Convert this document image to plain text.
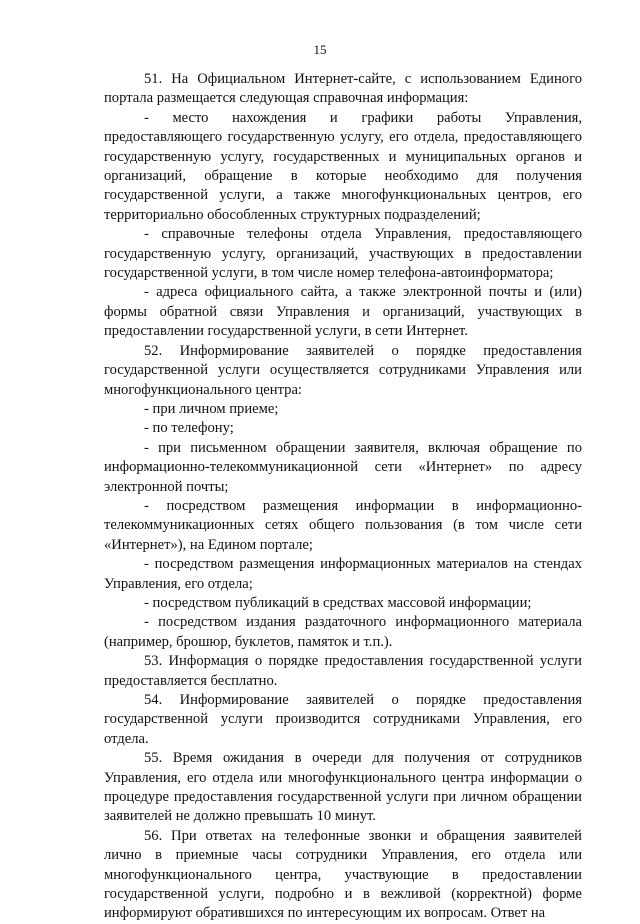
15

51. На Официальном Интернет-сайте, с использованием Единого портала размещается следующая справочная информация:

- место нахождения и графики работы Управления, предоставляющего государственную услугу, его отдела, предоставляющего государственную услугу, государственных и муниципальных органов и организаций, обращение в которые необходимо для получения государственной услуги, а также многофункциональных центров, его территориально обособленных структурных подразделений;

- справочные телефоны отдела Управления, предоставляющего государственную услугу, организаций, участвующих в предоставлении государственной услуги, в том числе номер телефона-автоинформатора;

- адреса официального сайта, а также электронной почты и (или) формы обратной связи Управления и организаций, участвующих в предоставлении государственной услуги, в сети Интернет.

52. Информирование заявителей о порядке предоставления государственной услуги осуществляется сотрудниками Управления или многофункционального центра:

- при личном приеме;

- по телефону;

- при письменном обращении заявителя, включая обращение по информационно-телекоммуникационной сети «Интернет» по адресу электронной почты;

- посредством размещения информации в информационно-телекоммуникационных сетях общего пользования (в том числе сети «Интернет»), на Едином портале;

- посредством размещения информационных материалов на стендах Управления, его отдела;

- посредством публикаций в средствах массовой информации;

- посредством издания раздаточного информационного материала (например, брошюр, буклетов, памяток и т.п.).

53. Информация о порядке предоставления государственной услуги предоставляется бесплатно.

54. Информирование заявителей о порядке предоставления государственной услуги производится сотрудниками Управления, его отдела.

55. Время ожидания в очереди для получения от сотрудников Управления, его отдела или многофункционального центра информации о процедуре предоставления государственной услуги при личном обращении заявителей не должно превышать 10 минут.

56. При ответах на телефонные звонки и обращения заявителей лично в приемные часы сотрудники Управления, его отдела или многофункционального центра, участвующие в предоставлении государственной услуги, подробно и в вежливой (корректной) форме информируют обратившихся по интересующим их вопросам. Ответ на
